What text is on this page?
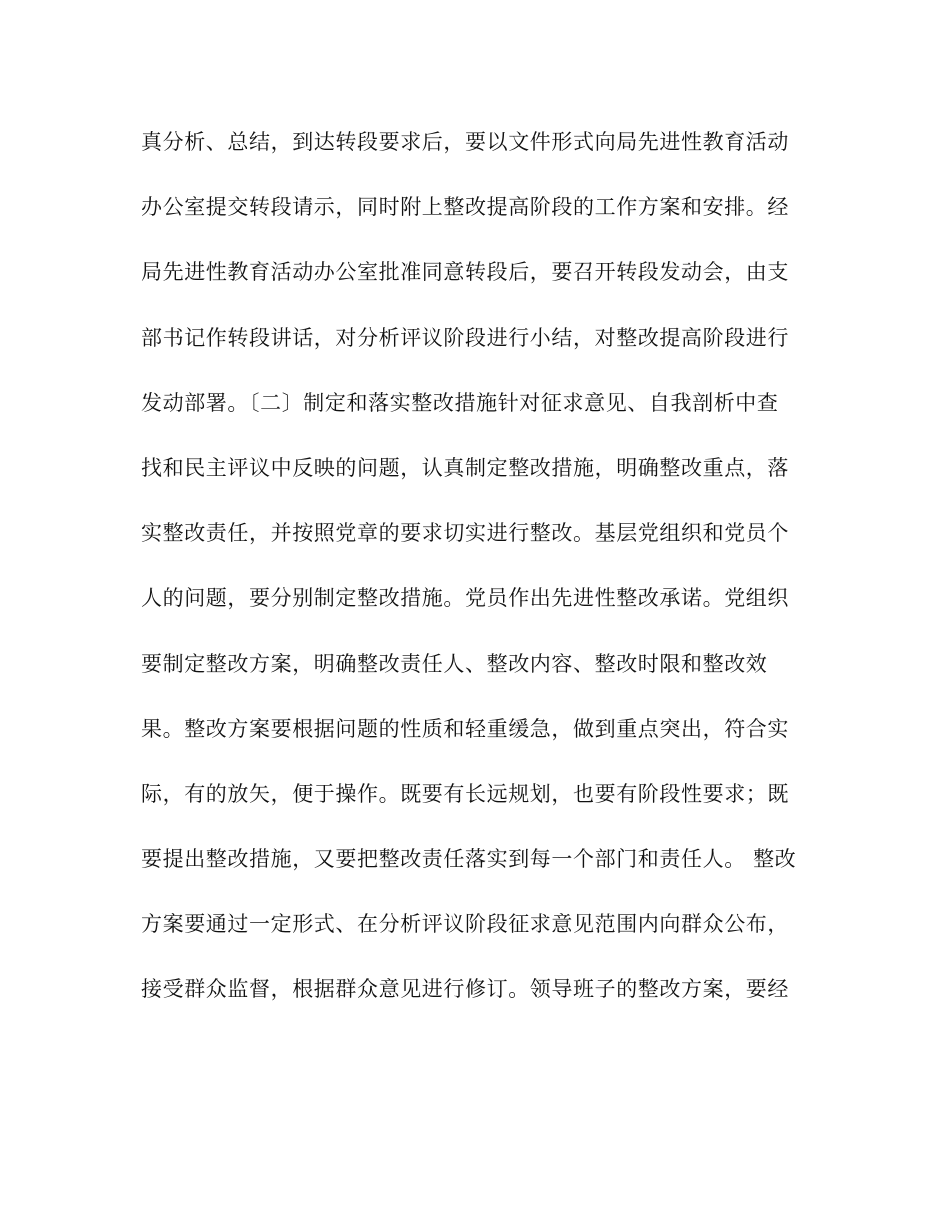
真分析、总结，到达转段要求后，要以文件形式向局先进性教育活动
办公室提交转段请示，同时附上整改提高阶段的工作方案和安排。经
局先进性教育活动办公室批准同意转段后，要召开转段发动会，由支
部书记作转段讲话，对分析评议阶段进行小结，对整改提高阶段进行
发动部署。〔二〕制定和落实整改措施针对征求意见、自我剖析中查
找和民主评议中反映的问题，认真制定整改措施，明确整改重点，落
实整改责任，并按照党章的要求切实进行整改。基层党组织和党员个
人的问题，要分别制定整改措施。党员作出先进性整改承诺。党组织
要制定整改方案，明确整改责任人、整改内容、整改时限和整改效
果。整改方案要根据问题的性质和轻重缓急，做到重点突出，符合实
际，有的放矢，便于操作。既要有长远规划，也要有阶段性要求；既
要提出整改措施，又要把整改责任落实到每一个部门和责任人。 整改
方案要通过一定形式、在分析评议阶段征求意见范围内向群众公布，
接受群众监督，根据群众意见进行修订。领导班子的整改方案，要经
